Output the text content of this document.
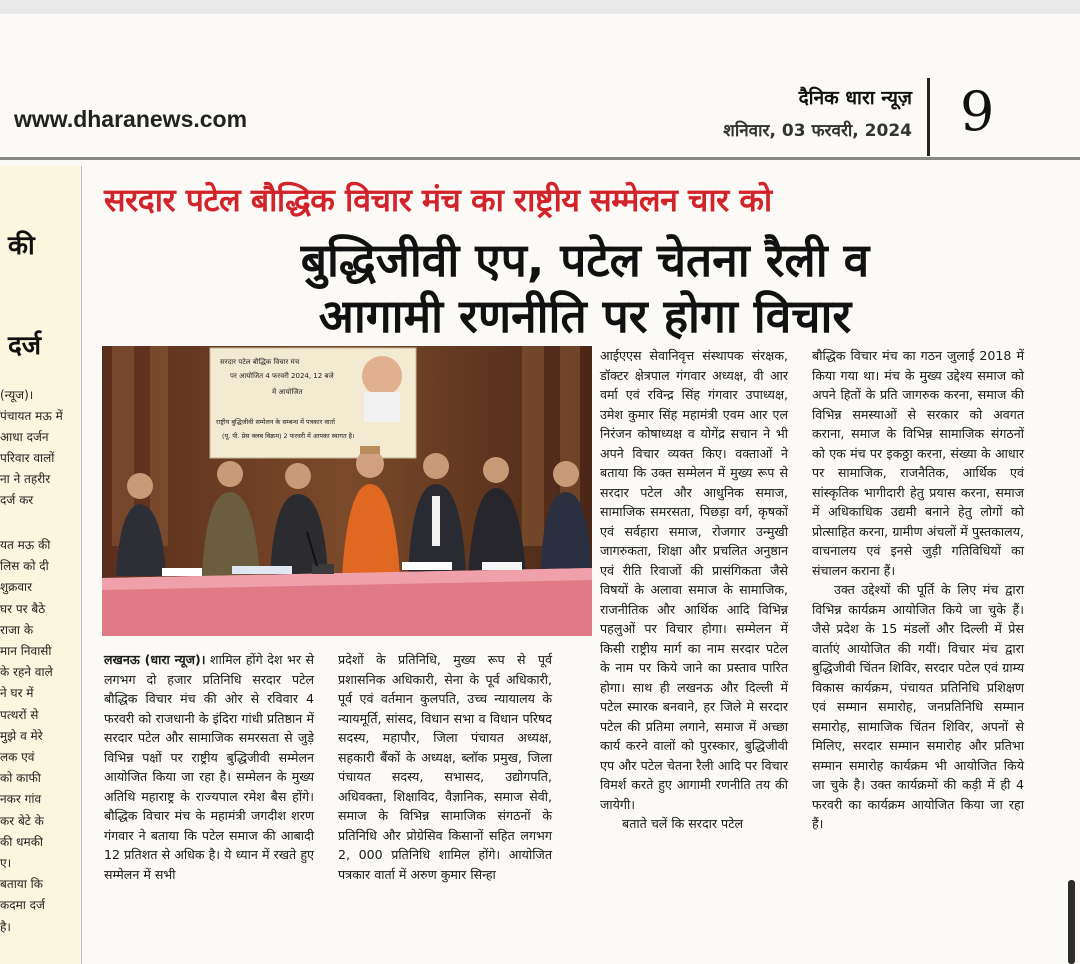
www.dharanews.com
दैनिक धारा न्यूज़
शनिवार, 03 फरवरी, 2024 9
की
दर्ज
(न्यूज)।
पंचायत मऊ में
आधा दर्जन
परिवार वालों
ना ने तहरीर
दर्ज कर
यत मऊ की
लिस को दी
शुक्रवार
घर पर बैठे
राजा के
मान निवासी
के रहने वाले
ने घर में
पत्थरों से
मुझे व मेरे
लक एवं
को काफी
नकर गांव
कर बेटे के
की धमकी
ए।
बताया कि
कदमा दर्ज
है।
सरदार पटेल बौद्धिक विचार मंच का राष्ट्रीय सम्मेलन चार को
बुद्धिजीवी एप, पटेल चेतना रैली व
आगामी रणनीति पर होगा विचार
सरदार पटेल बौद्धिक विचार मंच
पर आयोजित 4 फरवरी 2024, 12 बजे
में आयोजित
राष्ट्रीय बुद्धिजीवी सम्मेलन के सम्बन्ध में पत्रकार वार्ता
(यू. पी. प्रेस क्लब विक्रम) 2 फरवरी में आपका स्वागत है।

लखनऊ (धारा न्यूज)। शामिल होंगे देश भर से लगभग दो हजार प्रतिनिधि सरदार पटेल बौद्धिक विचार मंच की ओर से रविवार 4 फरवरी को राजधानी के इंदिरा गांधी प्रतिष्ठान में सरदार पटेल और सामाजिक समरसता से जुड़े विभिन्न पक्षों पर राष्ट्रीय बुद्धिजीवी सम्मेलन आयोजित किया जा रहा है। सम्मेलन के मुख्य अतिथि महाराष्ट्र के राज्यपाल रमेश बैस होंगे। बौद्धिक विचार मंच के महामंत्री जगदीश शरण गंगवार ने बताया कि पटेल समाज की आबादी 12 प्रतिशत से अधिक है। ये ध्यान में रखते हुए सम्मेलन में सभी

प्रदेशों के प्रतिनिधि, मुख्य रूप से पूर्व प्रशासनिक अधिकारी, सेना के पूर्व अधिकारी, पूर्व एवं वर्तमान कुलपति, उच्च न्यायालय के न्यायमूर्ति, सांसद, विधान सभा व विधान परिषद सदस्य, महापौर, जिला पंचायत अध्यक्ष, सहकारी बैंकों के अध्यक्ष, ब्लॉक प्रमुख, जिला पंचायत सदस्य, सभासद, उद्योगपति, अधिवक्ता, शिक्षाविद, वैज्ञानिक, समाज सेवी, समाज के विभिन्न सामाजिक संगठनों के प्रतिनिधि और प्रोग्रेसिव किसानों सहित लगभग 2, 000 प्रतिनिधि शामिल होंगे। आयोजित पत्रकार वार्ता में अरुण कुमार सिन्हा

आईएएस सेवानिवृत्त संस्थापक संरक्षक, डॉक्टर क्षेत्रपाल गंगवार अध्यक्ष, वी आर वर्मा एवं रविन्द्र सिंह गंगवार उपाध्यक्ष, उमेश कुमार सिंह महामंत्री एवम आर एल निरंजन कोषाध्यक्ष व योगेंद्र सचान ने भी अपने विचार व्यक्त किए। वक्ताओं ने बताया कि उक्त सम्मेलन में मुख्य रूप से सरदार पटेल और आधुनिक समाज, सामाजिक समरसता, पिछड़ा वर्ग, कृषकों एवं सर्वहारा समाज, रोजगार उन्मुखी जागरुकता, शिक्षा और प्रचलित अनुष्ठान एवं रीति रिवाजों की प्रासंगिकता जैसे विषयों के अलावा समाज के सामाजिक, राजनीतिक और आर्थिक आदि विभिन्न पहलुओं पर विचार होगा। सम्मेलन में किसी राष्ट्रीय मार्ग का नाम सरदार पटेल के नाम पर किये जाने का प्रस्ताव पारित होगा। साथ ही लखनऊ और दिल्ली में पटेल स्मारक बनवाने, हर जिले मे सरदार पटेल की प्रतिमा लगाने, समाज में अच्छा कार्य करने वालों को पुरस्कार, बुद्धिजीवी एप और पटेल चेतना रैली आदि पर विचार विमर्श करते हुए आगामी रणनीति तय की जायेगी।

बताते चलें कि सरदार पटेल

बौद्धिक विचार मंच का गठन जुलाई 2018 में किया गया था। मंच के मुख्य उद्देश्य समाज को अपने हितों के प्रति जागरुक करना, समाज की विभिन्न समस्याओं से सरकार को अवगत कराना, समाज के विभिन्न सामाजिक संगठनों को एक मंच पर इकठ्ठा करना, संख्या के आधार पर सामाजिक, राजनैतिक, आर्थिक एवं सांस्कृतिक भागीदारी हेतु प्रयास करना, समाज में अधिकाधिक उद्यमी बनाने हेतु लोगों को प्रोत्साहित करना, ग्रामीण अंचलों में पुस्तकालय, वाचनालय एवं इनसे जुड़ी गतिविधियों का संचालन कराना हैं।

उक्त उद्देश्यों की पूर्ति के लिए मंच द्वारा विभिन्न कार्यक्रम आयोजित किये जा चुके हैं। जैसे प्रदेश के 15 मंडलों और दिल्ली में प्रेस वार्ताएं आयोजित की गयीं। विचार मंच द्वारा बुद्धिजीवी चिंतन शिविर, सरदार पटेल एवं ग्राम्य विकास कार्यक्रम, पंचायत प्रतिनिधि प्रशिक्षण एवं सम्मान समारोह, जनप्रतिनिधि सम्मान समारोह, सामाजिक चिंतन शिविर, अपनों से मिलिए, सरदार सम्मान समारोह और प्रतिभा सम्मान समारोह कार्यक्रम भी आयोजित किये जा चुके है। उक्त कार्यक्रमों की कड़ी में ही 4 फरवरी का कार्यक्रम आयोजित किया जा रहा हैं।
